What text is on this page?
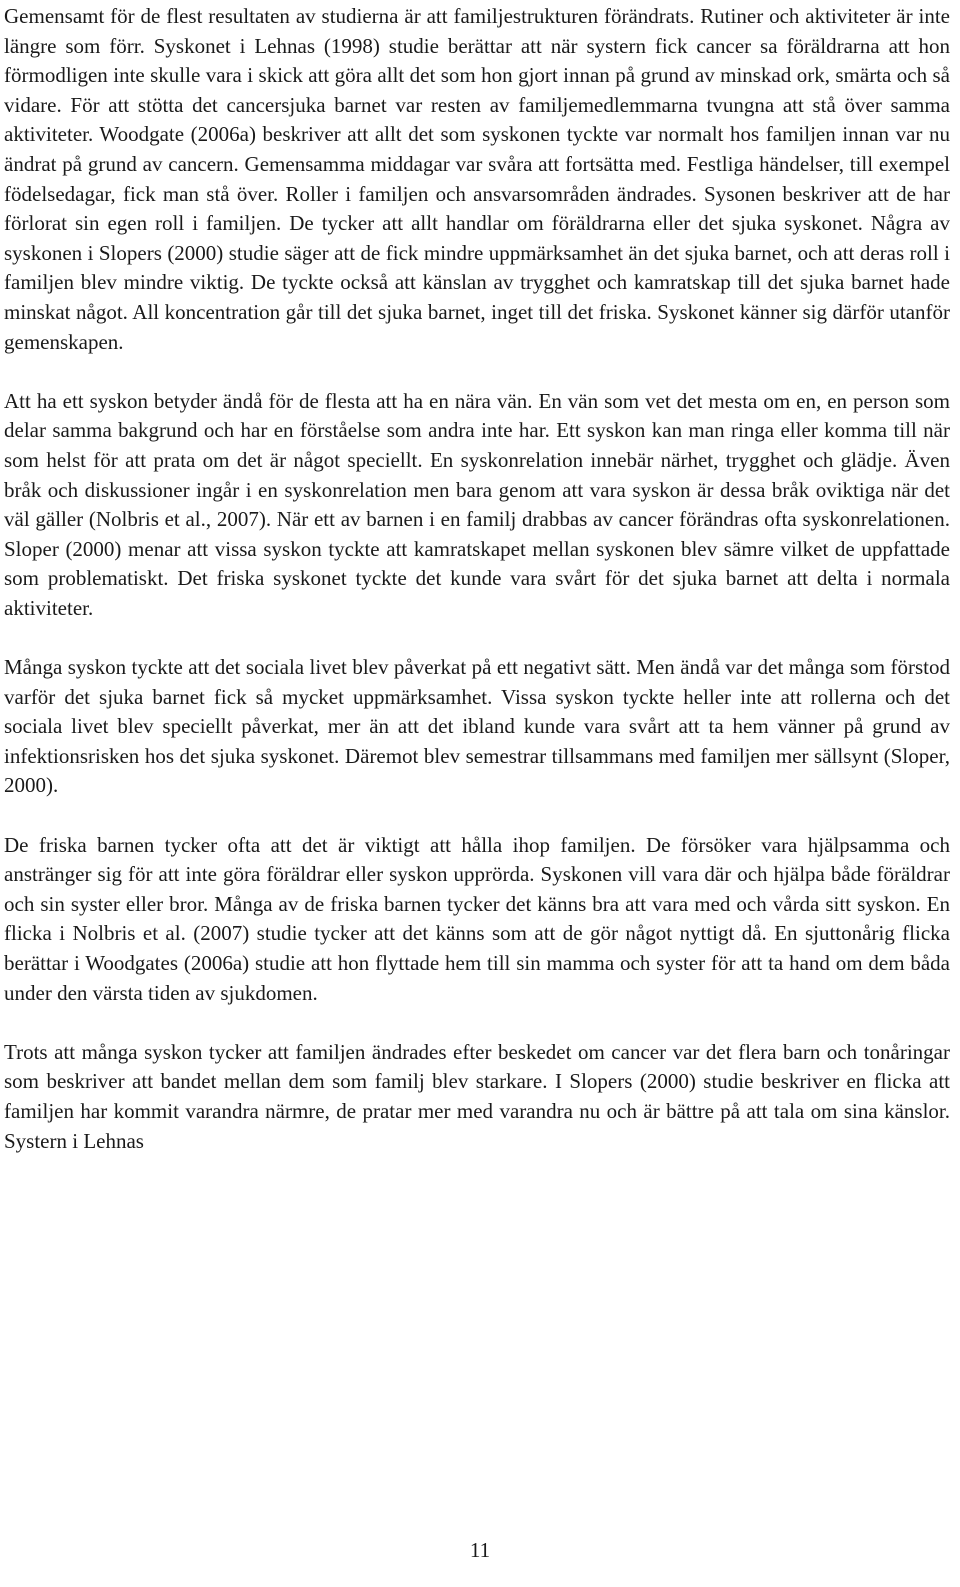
Gemensamt för de flest resultaten av studierna är att familjestrukturen förändrats. Rutiner och aktiviteter är inte längre som förr. Syskonet i Lehnas (1998) studie berättar att när systern fick cancer sa föräldrarna att hon förmodligen inte skulle vara i skick att göra allt det som hon gjort innan på grund av minskad ork, smärta och så vidare. För att stötta det cancersjuka barnet var resten av familjemedlemmarna tvungna att stå över samma aktiviteter. Woodgate (2006a) beskriver att allt det som syskonen tyckte var normalt hos familjen innan var nu ändrat på grund av cancern. Gemensamma middagar var svåra att fortsätta med. Festliga händelser, till exempel födelsedagar, fick man stå över. Roller i familjen och ansvarsområden ändrades. Sysonen beskriver att de har förlorat sin egen roll i familjen. De tycker att allt handlar om föräldrarna eller det sjuka syskonet. Några av syskonen i Slopers (2000) studie säger att de fick mindre uppmärksamhet än det sjuka barnet, och att deras roll i familjen blev mindre viktig. De tyckte också att känslan av trygghet och kamratskap till det sjuka barnet hade minskat något. All koncentration går till det sjuka barnet, inget till det friska. Syskonet känner sig därför utanför gemenskapen.

Att ha ett syskon betyder ändå för de flesta att ha en nära vän. En vän som vet det mesta om en, en person som delar samma bakgrund och har en förståelse som andra inte har. Ett syskon kan man ringa eller komma till när som helst för att prata om det är något speciellt. En syskonrelation innebär närhet, trygghet och glädje. Även bråk och diskussioner ingår i en syskonrelation men bara genom att vara syskon är dessa bråk oviktiga när det väl gäller (Nolbris et al., 2007). När ett av barnen i en familj drabbas av cancer förändras ofta syskonrelationen. Sloper (2000) menar att vissa syskon tyckte att kamratskapet mellan syskonen blev sämre vilket de uppfattade som problematiskt. Det friska syskonet tyckte det kunde vara svårt för det sjuka barnet att delta i normala aktiviteter.

Många syskon tyckte att det sociala livet blev påverkat på ett negativt sätt. Men ändå var det många som förstod varför det sjuka barnet fick så mycket uppmärksamhet. Vissa syskon tyckte heller inte att rollerna och det sociala livet blev speciellt påverkat, mer än att det ibland kunde vara svårt att ta hem vänner på grund av infektionsrisken hos det sjuka syskonet. Däremot blev semestrar tillsammans med familjen mer sällsynt (Sloper, 2000).

De friska barnen tycker ofta att det är viktigt att hålla ihop familjen. De försöker vara hjälpsamma och anstränger sig för att inte göra föräldrar eller syskon upprörda. Syskonen vill vara där och hjälpa både föräldrar och sin syster eller bror. Många av de friska barnen tycker det känns bra att vara med och vårda sitt syskon. En flicka i Nolbris et al. (2007) studie tycker att det känns som att de gör något nyttigt då. En sjuttonårig flicka berättar i Woodgates (2006a) studie att hon flyttade hem till sin mamma och syster för att ta hand om dem båda under den värsta tiden av sjukdomen.

Trots att många syskon tycker att familjen ändrades efter beskedet om cancer var det flera barn och tonåringar som beskriver att bandet mellan dem som familj blev starkare. I Slopers (2000) studie beskriver en flicka att familjen har kommit varandra närmre, de pratar mer med varandra nu och är bättre på att tala om sina känslor. Systern i Lehnas

11
